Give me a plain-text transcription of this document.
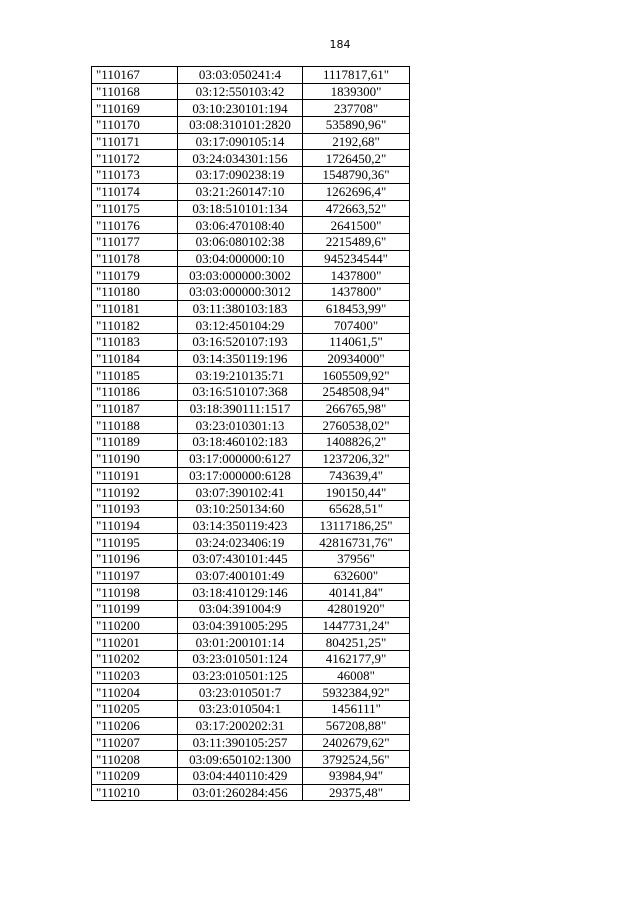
184
"110167	03:03:050241:4	1117817,61"
"110168	03:12:550103:42	1839300"
"110169	03:10:230101:194	237708"
"110170	03:08:310101:2820	535890,96"
"110171	03:17:090105:14	2192,68"
"110172	03:24:034301:156	1726450,2"
"110173	03:17:090238:19	1548790,36"
"110174	03:21:260147:10	1262696,4"
"110175	03:18:510101:134	472663,52"
"110176	03:06:470108:40	2641500"
"110177	03:06:080102:38	2215489,6"
"110178	03:04:000000:10	945234544"
"110179	03:03:000000:3002	1437800"
"110180	03:03:000000:3012	1437800"
"110181	03:11:380103:183	618453,99"
"110182	03:12:450104:29	707400"
"110183	03:16:520107:193	114061,5"
"110184	03:14:350119:196	20934000"
"110185	03:19:210135:71	1605509,92"
"110186	03:16:510107:368	2548508,94"
"110187	03:18:390111:1517	266765,98"
"110188	03:23:010301:13	2760538,02"
"110189	03:18:460102:183	1408826,2"
"110190	03:17:000000:6127	1237206,32"
"110191	03:17:000000:6128	743639,4"
"110192	03:07:390102:41	190150,44"
"110193	03:10:250134:60	65628,51"
"110194	03:14:350119:423	13117186,25"
"110195	03:24:023406:19	42816731,76"
"110196	03:07:430101:445	37956"
"110197	03:07:400101:49	632600"
"110198	03:18:410129:146	40141,84"
"110199	03:04:391004:9	42801920"
"110200	03:04:391005:295	1447731,24"
"110201	03:01:200101:14	804251,25"
"110202	03:23:010501:124	4162177,9"
"110203	03:23:010501:125	46008"
"110204	03:23:010501:7	5932384,92"
"110205	03:23:010504:1	1456111"
"110206	03:17:200202:31	567208,88"
"110207	03:11:390105:257	2402679,62"
"110208	03:09:650102:1300	3792524,56"
"110209	03:04:440110:429	93984,94"
"110210	03:01:260284:456	29375,48"
